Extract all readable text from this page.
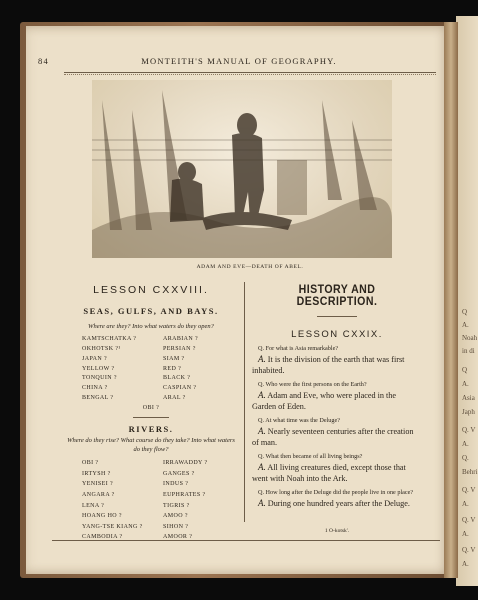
Q
A.
Noah
in di
Q
A.
Asia
Japh
Q. V
A.
Q.
Behri
Q. V
A.
Q. V
A.
Q. V
A.
84	MONTEITH'S MANUAL OF GEOGRAPHY.
ADAM AND EVE—DEATH OF ABEL.
LESSON CXXVIII.
SEAS, GULFS, AND BAYS.
Where are they? Into what waters do they open?
KAMTSCHATKA ?	ARABIAN ?
OKHOTSK ?¹	PERSIAN ?
JAPAN ?	SIAM ?
YELLOW ?	RED ?
TONQUIN ?	BLACK ?
CHINA ?	CASPIAN ?
BENGAL ?	ARAL ?
OBI ?
RIVERS.
Where do they rise? What course do they take? Into what waters do they flow?
OBI ?	IRRAWADDY ?
IRTYSH ?	GANGES ?
YENISEI ?	INDUS ?
ANGARA ?	EUPHRATES ?
LENA ?	TIGRIS ?
HOANG HO ?	AMOO ?
YANG-TSE KIANG ?	SIHON ?
CAMBODIA ?	AMOOR ?
HISTORY AND DESCRIPTION.
LESSON CXXIX.
Q. For what is Asia remarkable?
A. It is the division of the earth that was first inhabited.
Q. Who were the first persons on the Earth?
A. Adam and Eve, who were placed in the Garden of Eden.
Q. At what time was the Deluge?
A. Nearly seventeen centuries after the creation of man.
Q. What then became of all living beings?
A. All living creatures died, except those that went with Noah into the Ark.
Q. How long after the Deluge did the people live in one place?
A. During one hundred years after the Deluge.
1 O-kotsk'.
